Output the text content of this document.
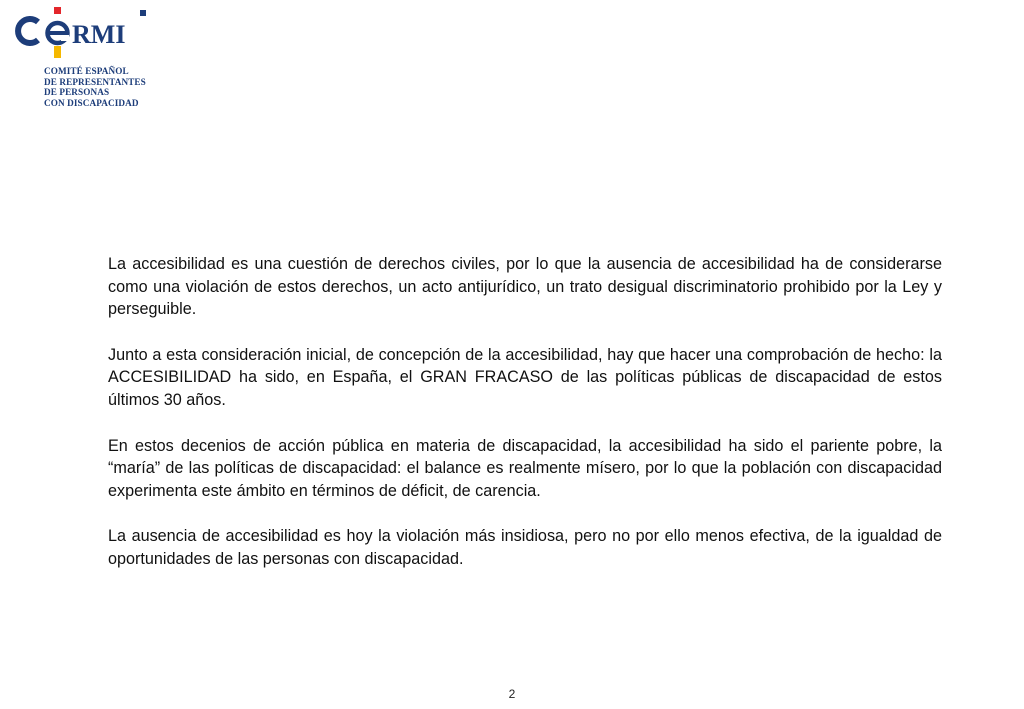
RMI
COMITÉ ESPAÑOL
DE REPRESENTANTES
DE PERSONAS
CON DISCAPACIDAD

La accesibilidad es una cuestión de derechos civiles, por lo que la ausencia de accesibilidad ha de considerarse como una violación de estos derechos, un acto antijurídico, un trato desigual discriminatorio prohibido por la Ley y perseguible.

Junto a esta consideración inicial, de concepción de la accesibilidad, hay que hacer una comprobación de hecho: la ACCESIBILIDAD ha sido, en España, el GRAN FRACASO de las políticas públicas de discapacidad de estos últimos 30 años.

En estos decenios de acción pública en materia de discapacidad, la accesibilidad ha sido el pariente pobre, la “maría” de las políticas de discapacidad: el balance es realmente mísero, por lo que la población con discapacidad experimenta este ámbito en términos de déficit, de carencia.

La ausencia de accesibilidad es hoy la violación más insidiosa, pero no por ello menos efectiva, de la igualdad de oportunidades de las personas con discapacidad.

2
